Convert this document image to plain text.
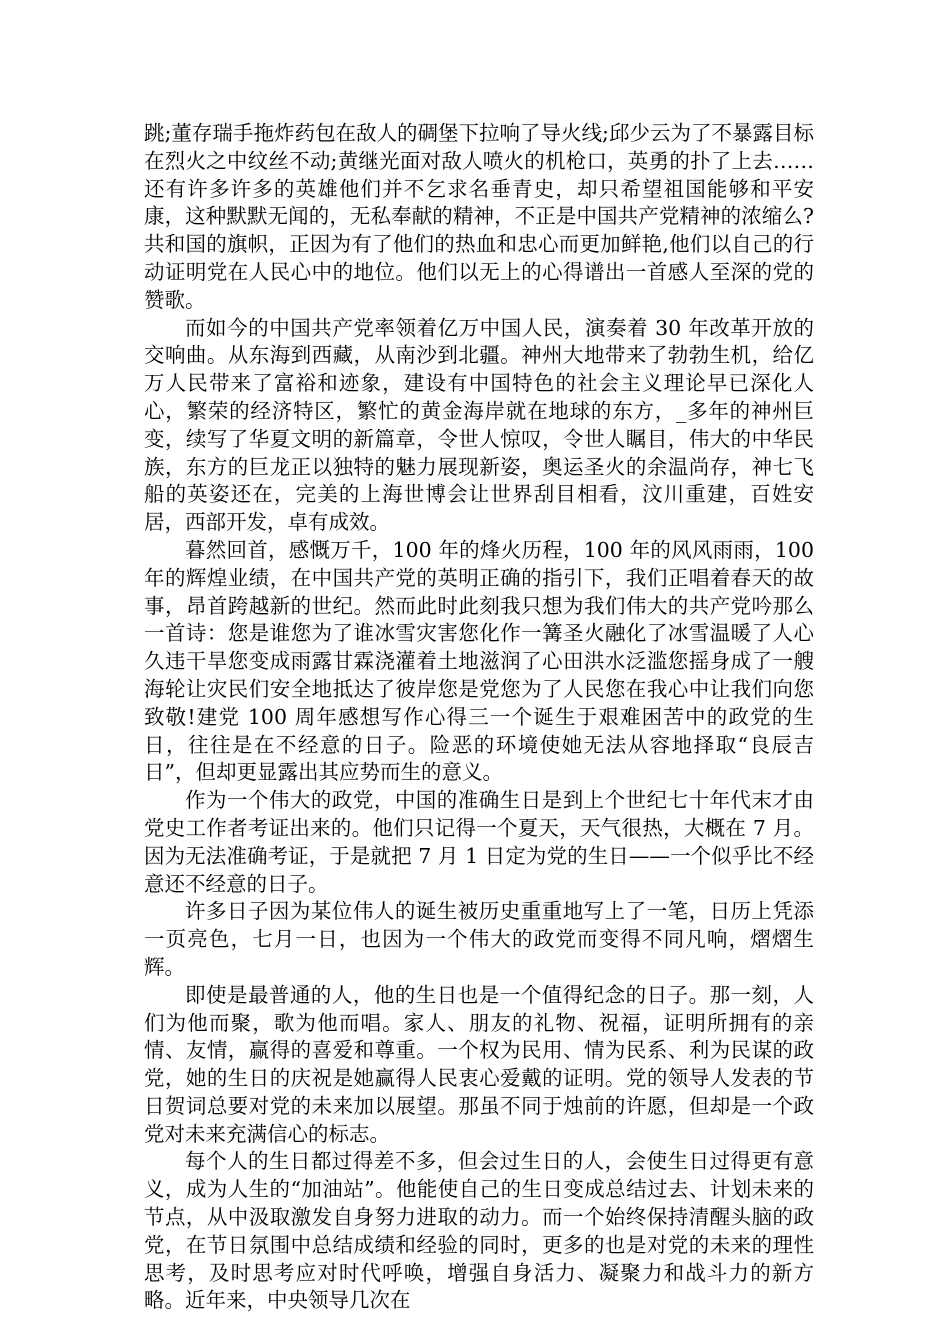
跳;董存瑞手拖炸药包在敌人的碉堡下拉响了导火线;邱少云为了不暴露目标在烈火之中纹丝不动;黄继光面对敌人喷火的机枪口，英勇的扑了上去……还有许多许多的英雄他们并不乞求名垂青史，却只希望祖国能够和平安康，这种默默无闻的，无私奉献的精神，不正是中国共产党精神的浓缩么?共和国的旗帜，正因为有了他们的热血和忠心而更加鲜艳,他们以自己的行动证明党在人民心中的地位。他们以无上的心得谱出一首感人至深的党的赞歌。

而如今的中国共产党率领着亿万中国人民，演奏着 30 年改革开放的交响曲。从东海到西藏，从南沙到北疆。神州大地带来了勃勃生机，给亿万人民带来了富裕和迹象，建设有中国特色的社会主义理论早已深化人心，繁荣的经济特区，繁忙的黄金海岸就在地球的东方，_多年的神州巨变，续写了华夏文明的新篇章，令世人惊叹，令世人瞩目，伟大的中华民族，东方的巨龙正以独特的魅力展现新姿，奥运圣火的余温尚存，神七飞船的英姿还在，完美的上海世博会让世界刮目相看，汶川重建，百姓安居，西部开发，卓有成效。

暮然回首，感慨万千，100 年的烽火历程，100 年的风风雨雨，100 年的辉煌业绩，在中国共产党的英明正确的指引下，我们正唱着春天的故事，昂首跨越新的世纪。然而此时此刻我只想为我们伟大的共产党吟那么一首诗：您是谁您为了谁冰雪灾害您化作一篝圣火融化了冰雪温暖了人心久违干旱您变成雨露甘霖浇灌着土地滋润了心田洪水泛滥您摇身成了一艘海轮让灾民们安全地抵达了彼岸您是党您为了人民您在我心中让我们向您致敬!建党 100 周年感想写作心得三一个诞生于艰难困苦中的政党的生日，往往是在不经意的日子。险恶的环境使她无法从容地择取“良辰吉日”，但却更显露出其应势而生的意义。

作为一个伟大的政党，中国的准确生日是到上个世纪七十年代末才由党史工作者考证出来的。他们只记得一个夏天，天气很热，大概在 7 月。因为无法准确考证，于是就把 7 月 1 日定为党的生日——一个似乎比不经意还不经意的日子。

许多日子因为某位伟人的诞生被历史重重地写上了一笔，日历上凭添一页亮色，七月一日，也因为一个伟大的政党而变得不同凡响，熠熠生辉。

即使是最普通的人，他的生日也是一个值得纪念的日子。那一刻，人们为他而聚，歌为他而唱。家人、朋友的礼物、祝福，证明所拥有的亲情、友情，赢得的喜爱和尊重。一个权为民用、情为民系、利为民谋的政党，她的生日的庆祝是她赢得人民衷心爱戴的证明。党的领导人发表的节日贺词总要对党的未来加以展望。那虽不同于烛前的许愿，但却是一个政党对未来充满信心的标志。

每个人的生日都过得差不多，但会过生日的人，会使生日过得更有意义，成为人生的“加油站”。他能使自己的生日变成总结过去、计划未来的节点，从中汲取激发自身努力进取的动力。而一个始终保持清醒头脑的政党，在节日氛围中总结成绩和经验的同时，更多的也是对党的未来的理性思考，及时思考应对时代呼唤，增强自身活力、凝聚力和战斗力的新方略。近年来，中央领导几次在
